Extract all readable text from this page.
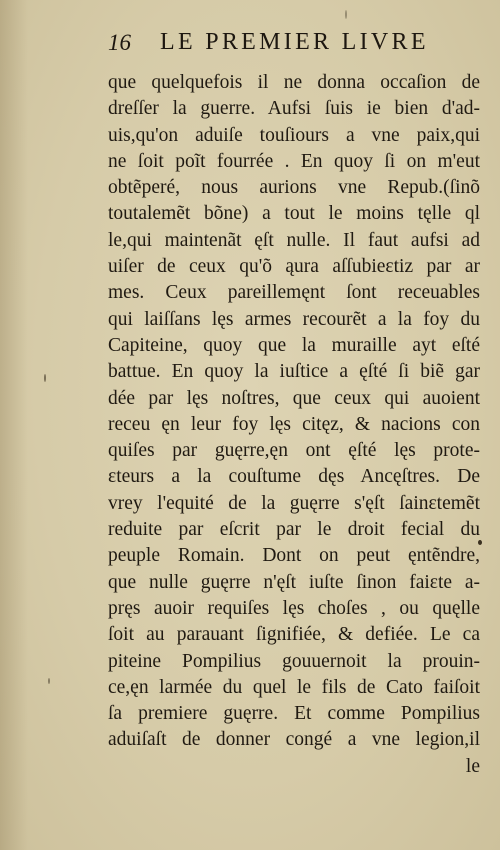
16 LE PREMIER LIVRE
que quelquefois il ne donna occaſion de
dreſſer la guerre. Aufsi ſuis ie bien d'ad-
uis,qu'on aduiſe touſiours a vne paix,qui
ne ſoit poĩt fourrée . En quoy ſi on m'eut
obtẽperé, nous aurions vne Repub.(ſinõ
toutalemẽt bõne) a tout le moins tęlle ql
le,qui maintenãt ęſt nulle. Il faut aufsi ad
uiſer de ceux qu'õ ąura aſſubieɛtiz par ar
mes. Ceux pareillemęnt ſont receuables
qui laiſſans lęs armes recourẽt a la foy du
Capiteine, quoy que la muraille ayt eſté
battue. En quoy la iuſtice a ęſté ſi biẽ gar
dée par lęs noſtres, que ceux qui auoient
receu ęn leur foy lęs citęz, & nacions con
quiſes par guęrre,ęn ont ęſté lęs prote-
ɛteurs a la couſtume dęs Ancęſtres. De
vrey l'equité de la guęrre s'ęſt ſainɛtemẽt
reduite par eſcrit par le droit fecial du
peuple Romain. Dont on peut ęntẽndre,
que nulle guęrre n'ęſt iuſte ſinon faiɛte a-
pręs auoir requiſes lęs choſes , ou quęlle
ſoit au parauant ſignifiée, & defiée. Le ca
piteine Pompilius gouuernoit la prouin-
ce,ęn larmée du quel le fils de Cato faiſoit
ſa premiere guęrre. Et comme Pompilius
aduiſaſt de donner congé a vne legion,il
le
